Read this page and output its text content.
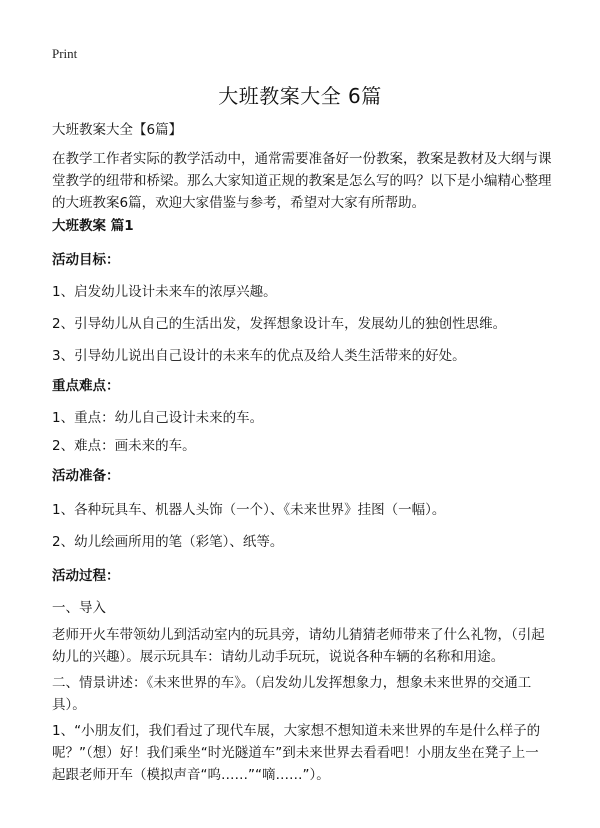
Print
大班教案大全 6篇
大班教案大全【6篇】
在教学工作者实际的教学活动中，通常需要准备好一份教案，教案是教材及大纲与课堂教学的纽带和桥梁。那么大家知道正规的教案是怎么写的吗？以下是小编精心整理的大班教案6篇，欢迎大家借鉴与参考，希望对大家有所帮助。
大班教案 篇1
活动目标：
1、启发幼儿设计未来车的浓厚兴趣。
2、引导幼儿从自己的生活出发，发挥想象设计车，发展幼儿的独创性思维。
3、引导幼儿说出自己设计的未来车的优点及给人类生活带来的好处。
重点难点：
1、重点：幼儿自己设计未来的车。
2、难点：画未来的车。
活动准备：
1、各种玩具车、机器人头饰（一个）、《未来世界》挂图（一幅）。
2、幼儿绘画所用的笔（彩笔）、纸等。
活动过程：
一、导入
老师开火车带领幼儿到活动室内的玩具旁，请幼儿猜猜老师带来了什么礼物，（引起幼儿的兴趣）。展示玩具车：请幼儿动手玩玩，说说各种车辆的名称和用途。
二、情景讲述：《未来世界的车》。（启发幼儿发挥想象力，想象未来世界的交通工具）。
1、“小朋友们，我们看过了现代车展，大家想不想知道未来世界的车是什么样子的呢？”（想）好！我们乘坐“时光隧道车”到未来世界去看看吧！小朋友坐在凳子上一起跟老师开车（模拟声音“呜……”“嘀……”）。
